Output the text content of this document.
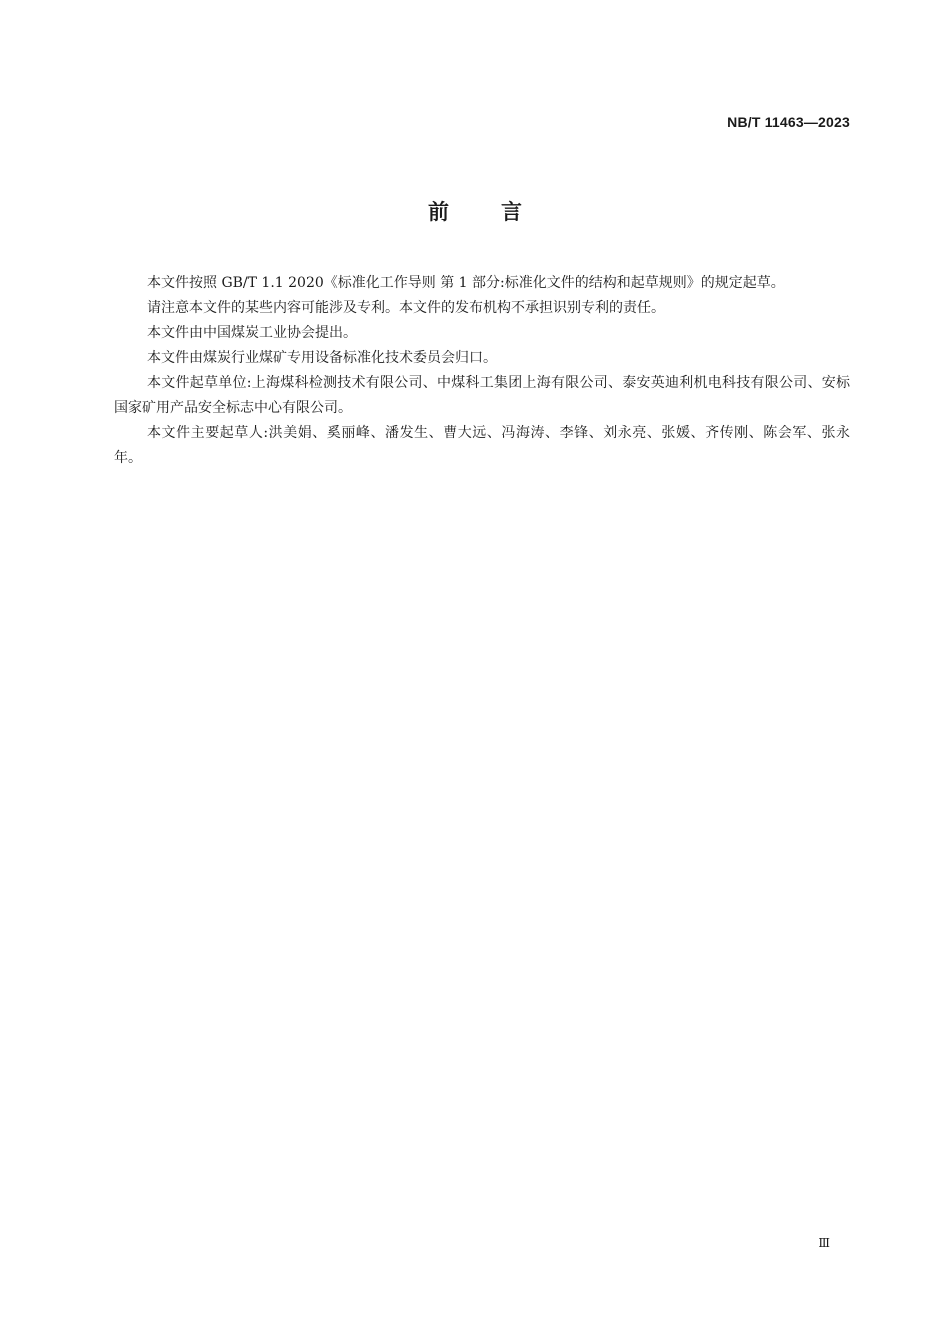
NB/T 11463—2023
前言

本文件按照 GB/T 1.1 2020《标准化工作导则 第 1 部分:标准化文件的结构和起草规则》的规定起草。

请注意本文件的某些内容可能涉及专利。本文件的发布机构不承担识别专利的责任。

本文件由中国煤炭工业协会提出。

本文件由煤炭行业煤矿专用设备标准化技术委员会归口。

本文件起草单位:上海煤科检测技术有限公司、中煤科工集团上海有限公司、泰安英迪利机电科技有限公司、安标国家矿用产品安全标志中心有限公司。

本文件主要起草人:洪美娟、奚丽峰、潘发生、曹大远、冯海涛、李锋、刘永亮、张媛、齐传刚、陈会军、张永年。

Ⅲ
